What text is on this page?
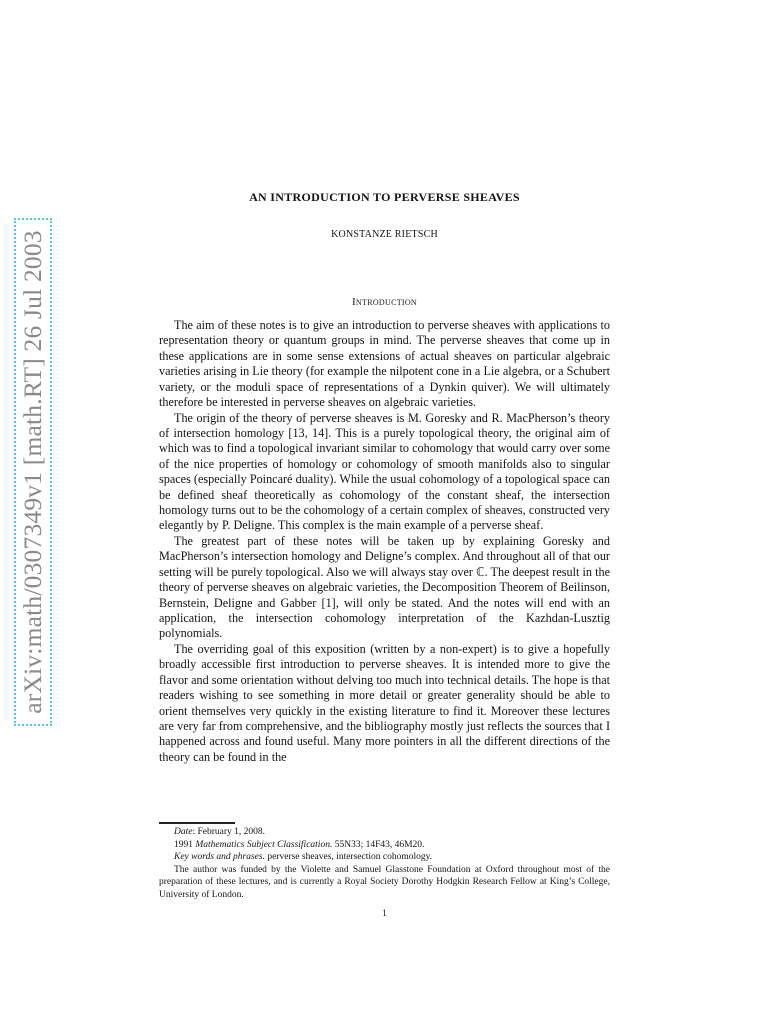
arXiv:math/0307349v1 [math.RT] 26 Jul 2003
AN INTRODUCTION TO PERVERSE SHEAVES
KONSTANZE RIETSCH
Introduction

The aim of these notes is to give an introduction to perverse sheaves with applications to representation theory or quantum groups in mind. The perverse sheaves that come up in these applications are in some sense extensions of actual sheaves on particular algebraic varieties arising in Lie theory (for example the nilpotent cone in a Lie algebra, or a Schubert variety, or the moduli space of representations of a Dynkin quiver). We will ultimately therefore be interested in perverse sheaves on algebraic varieties.

The origin of the theory of perverse sheaves is M. Goresky and R. MacPherson’s theory of intersection homology [13, 14]. This is a purely topological theory, the original aim of which was to find a topological invariant similar to cohomology that would carry over some of the nice properties of homology or cohomology of smooth manifolds also to singular spaces (especially Poincaré duality). While the usual cohomology of a topological space can be defined sheaf theoretically as cohomology of the constant sheaf, the intersection homology turns out to be the cohomology of a certain complex of sheaves, constructed very elegantly by P. Deligne. This complex is the main example of a perverse sheaf.

The greatest part of these notes will be taken up by explaining Goresky and MacPherson’s intersection homology and Deligne’s complex. And throughout all of that our setting will be purely topological. Also we will always stay over ℂ. The deepest result in the theory of perverse sheaves on algebraic varieties, the Decomposition Theorem of Beilinson, Bernstein, Deligne and Gabber [1], will only be stated. And the notes will end with an application, the intersection cohomology interpretation of the Kazhdan-Lusztig polynomials.

The overriding goal of this exposition (written by a non-expert) is to give a hopefully broadly accessible first introduction to perverse sheaves. It is intended more to give the flavor and some orientation without delving too much into technical details. The hope is that readers wishing to see something in more detail or greater generality should be able to orient themselves very quickly in the existing literature to find it. Moreover these lectures are very far from comprehensive, and the bibliography mostly just reflects the sources that I happened across and found useful. Many more pointers in all the different directions of the theory can be found in the

Date: February 1, 2008.

1991 Mathematics Subject Classification. 55N33; 14F43, 46M20.

Key words and phrases. perverse sheaves, intersection cohomology.

The author was funded by the Violette and Samuel Glasstone Foundation at Oxford throughout most of the preparation of these lectures, and is currently a Royal Society Dorothy Hodgkin Research Fellow at King’s College, University of London.

1
